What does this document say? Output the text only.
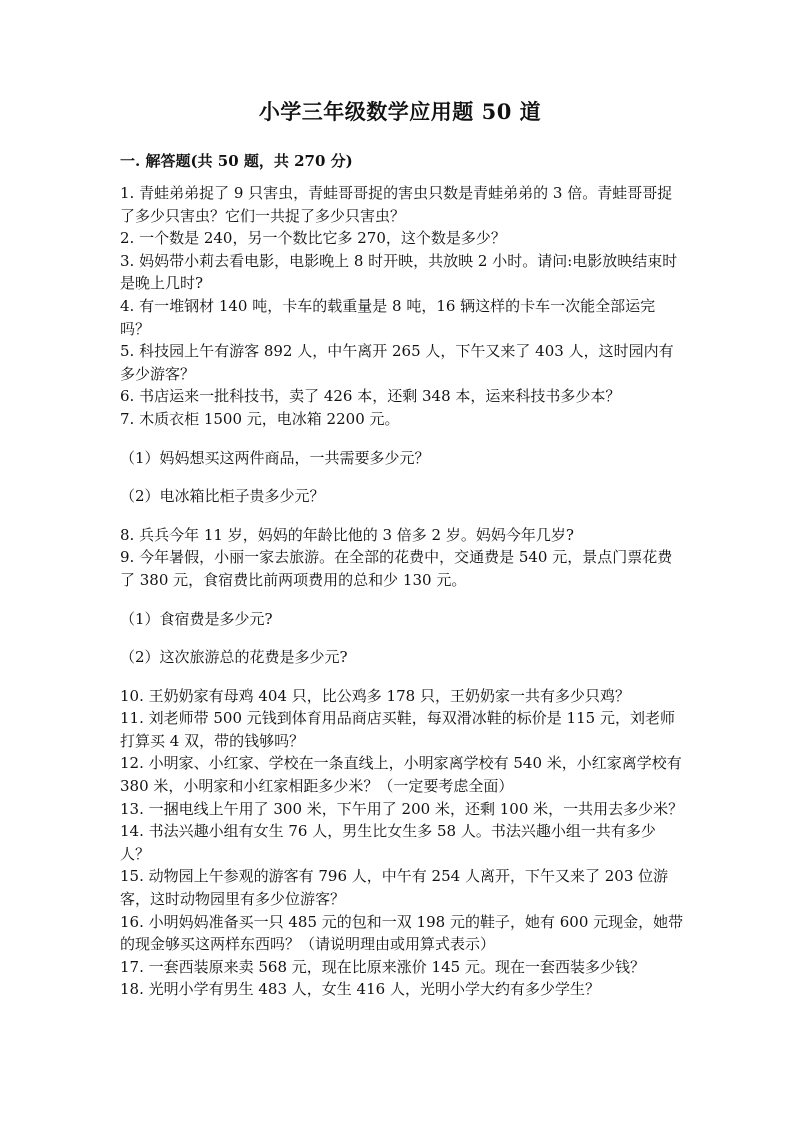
小学三年级数学应用题 50 道
一. 解答题(共 50 题，共 270 分)

1. 青蛙弟弟捉了 9 只害虫，青蛙哥哥捉的害虫只数是青蛙弟弟的 3 倍。青蛙哥哥捉了多少只害虫？它们一共捉了多少只害虫？

2. 一个数是 240，另一个数比它多 270，这个数是多少？

3. 妈妈带小莉去看电影，电影晚上 8 时开映，共放映 2 小时。请问:电影放映结束时是晚上几时?

4. 有一堆钢材 140 吨，卡车的载重量是 8 吨，16 辆这样的卡车一次能全部运完吗？

5. 科技园上午有游客 892 人，中午离开 265 人，下午又来了 403 人，这时园内有多少游客？

6. 书店运来一批科技书，卖了 426 本，还剩 348 本，运来科技书多少本？

7. 木质衣柜 1500 元，电冰箱 2200 元。

（1）妈妈想买这两件商品，一共需要多少元？

（2）电冰箱比柜子贵多少元？

8. 兵兵今年 11 岁，妈妈的年龄比他的 3 倍多 2 岁。妈妈今年几岁?

9. 今年暑假，小丽一家去旅游。在全部的花费中，交通费是 540 元，景点门票花费了 380 元，食宿费比前两项费用的总和少 130 元。

（1）食宿费是多少元?

（2）这次旅游总的花费是多少元?

10. 王奶奶家有母鸡 404 只，比公鸡多 178 只，王奶奶家一共有多少只鸡？

11. 刘老师带 500 元钱到体育用品商店买鞋，每双滑冰鞋的标价是 115 元，刘老师打算买 4 双，带的钱够吗？

12. 小明家、小红家、学校在一条直线上，小明家离学校有 540 米，小红家离学校有 380 米，小明家和小红家相距多少米？（一定要考虑全面）

13. 一捆电线上午用了 300 米，下午用了 200 米，还剩 100 米，一共用去多少米？

14. 书法兴趣小组有女生 76 人，男生比女生多 58 人。书法兴趣小组一共有多少人？

15. 动物园上午参观的游客有 796 人，中午有 254 人离开，下午又来了 203 位游客，这时动物园里有多少位游客？

16. 小明妈妈准备买一只 485 元的包和一双 198 元的鞋子，她有 600 元现金，她带的现金够买这两样东西吗？（请说明理由或用算式表示）

17. 一套西装原来卖 568 元，现在比原来涨价 145 元。现在一套西装多少钱？

18. 光明小学有男生 483 人，女生 416 人，光明小学大约有多少学生？
